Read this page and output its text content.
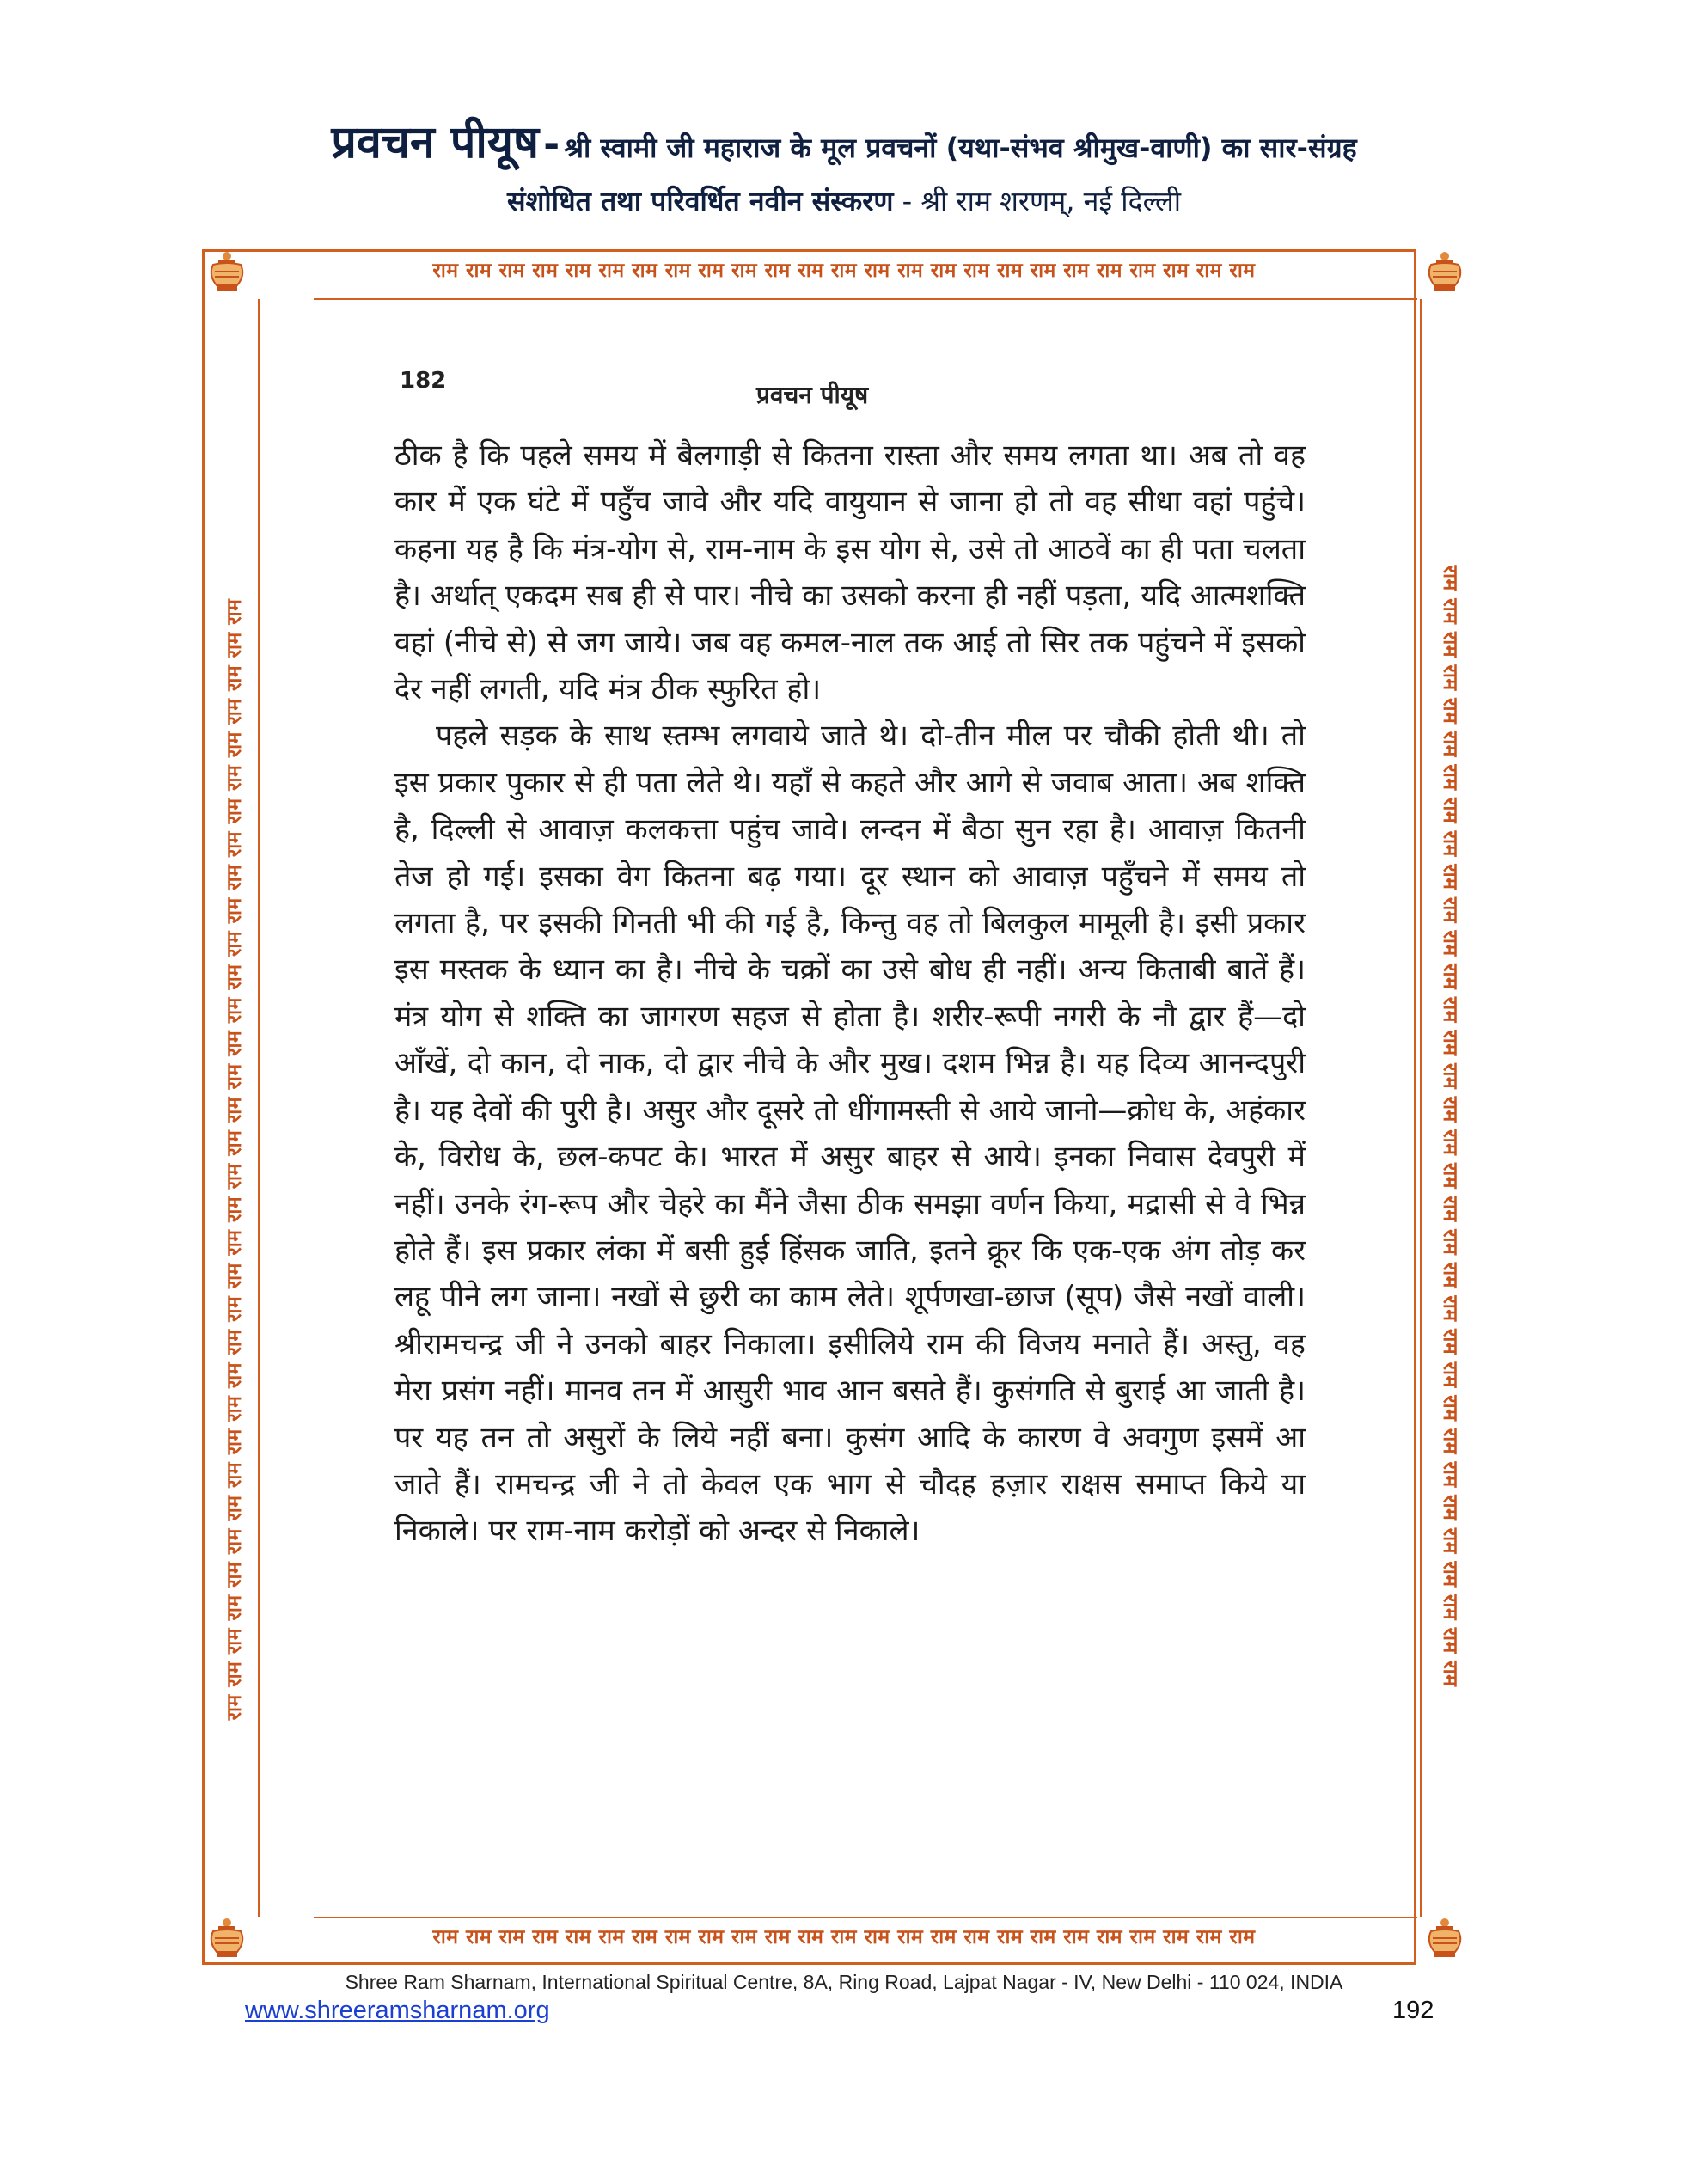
प्रवचन पीयूष - श्री स्वामी जी महाराज के मूल प्रवचनों (यथा-संभव श्रीमुख-वाणी) का सार-संग्रह
संशोधित तथा परिवर्धित नवीन संस्करण - श्री राम शरणम्, नई दिल्ली
राम राम राम राम राम राम राम राम राम राम राम राम राम राम राम राम राम राम राम राम राम राम राम राम राम
राम राम राम राम राम राम राम राम राम राम राम राम राम राम राम राम राम राम राम राम राम राम राम राम राम
राम राम राम राम राम राम राम राम राम राम राम राम राम राम राम राम राम राम राम राम राम राम राम राम राम राम राम राम राम राम राम राम राम राम	राम राम राम राम राम राम राम राम राम राम राम राम राम राम राम राम राम राम राम राम राम राम राम राम राम राम राम राम राम राम राम राम राम राम
182	प्रवचन पीयूष

ठीक है कि पहले समय में बैलगाड़ी से कितना रास्ता और समय लगता था। अब तो वह कार में एक घंटे में पहुँच जावे और यदि वायुयान से जाना हो तो वह सीधा वहां पहुंचे। कहना यह है कि मंत्र-योग से, राम-नाम के इस योग से, उसे तो आठवें का ही पता चलता है। अर्थात् एकदम सब ही से पार। नीचे का उसको करना ही नहीं पड़ता, यदि आत्मशक्ति वहां (नीचे से) से जग जाये। जब वह कमल-नाल तक आई तो सिर तक पहुंचने में इसको देर नहीं लगती, यदि मंत्र ठीक स्फुरित हो।

पहले सड़क के साथ स्तम्भ लगवाये जाते थे। दो-तीन मील पर चौकी होती थी। तो इस प्रकार पुकार से ही पता लेते थे। यहाँ से कहते और आगे से जवाब आता। अब शक्ति है, दिल्ली से आवाज़ कलकत्ता पहुंच जावे। लन्दन में बैठा सुन रहा है। आवाज़ कितनी तेज हो गई। इसका वेग कितना बढ़ गया। दूर स्थान को आवाज़ पहुँचने में समय तो लगता है, पर इसकी गिनती भी की गई है, किन्तु वह तो बिलकुल मामूली है। इसी प्रकार इस मस्तक के ध्यान का है। नीचे के चक्रों का उसे बोध ही नहीं। अन्य किताबी बातें हैं। मंत्र योग से शक्ति का जागरण सहज से होता है। शरीर-रूपी नगरी के नौ द्वार हैं—दो आँखें, दो कान, दो नाक, दो द्वार नीचे के और मुख। दशम भिन्न है। यह दिव्य आनन्दपुरी है। यह देवों की पुरी है। असुर और दूसरे तो धींगामस्ती से आये जानो—क्रोध के, अहंकार के, विरोध के, छल-कपट के। भारत में असुर बाहर से आये। इनका निवास देवपुरी में नहीं। उनके रंग-रूप और चेहरे का मैंने जैसा ठीक समझा वर्णन किया, मद्रासी से वे भिन्न होते हैं। इस प्रकार लंका में बसी हुई हिंसक जाति, इतने क्रूर कि एक-एक अंग तोड़ कर लहू पीने लग जाना। नखों से छुरी का काम लेते। शूर्पणखा-छाज (सूप) जैसे नखों वाली। श्रीरामचन्द्र जी ने उनको बाहर निकाला। इसीलिये राम की विजय मनाते हैं। अस्तु, वह मेरा प्रसंग नहीं। मानव तन में आसुरी भाव आन बसते हैं। कुसंगति से बुराई आ जाती है। पर यह तन तो असुरों के लिये नहीं बना। कुसंग आदि के कारण वे अवगुण इसमें आ जाते हैं। रामचन्द्र जी ने तो केवल एक भाग से चौदह हज़ार राक्षस समाप्त किये या निकाले। पर राम-नाम करोड़ों को अन्दर से निकाले।

Shree Ram Sharnam, International Spiritual Centre, 8A, Ring Road, Lajpat Nagar - IV, New Delhi - 110 024, INDIA
www.shreeramsharnam.org	192
